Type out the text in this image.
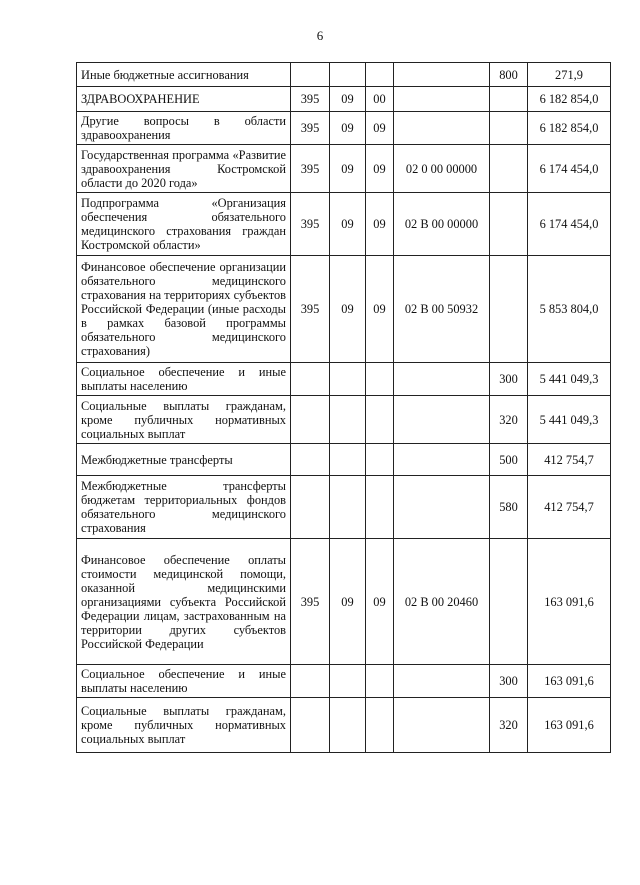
6
Иные бюджетные ассигнования					800	271,9
ЗДРАВООХРАНЕНИЕ	395	09	00			6 182 854,0
Другие вопросы в области здравоохранения	395	09	09			6 182 854,0
Государственная программа «Развитие здравоохранения Костромской области до 2020 года»	395	09	09	02 0 00 00000		6 174 454,0
Подпрограмма «Организация обеспечения обязательного медицинского страхования граждан Костромской области»	395	09	09	02 В 00 00000		6 174 454,0
Финансовое обеспечение организации обязательного медицинского страхования на территориях субъектов Российской Федерации (иные расходы в рамках базовой программы обязательного медицинского страхования)	395	09	09	02 В 00 50932		5 853 804,0
Социальное обеспечение и иные выплаты населению					300	5 441 049,3
Социальные выплаты гражданам, кроме публичных нормативных социальных выплат					320	5 441 049,3
Межбюджетные трансферты					500	412 754,7
Межбюджетные трансферты бюджетам территориальных фондов обязательного медицинского страхования					580	412 754,7
Финансовое обеспечение оплаты стоимости медицинской помощи, оказанной медицинскими организациями субъекта Российской Федерации лицам, застрахованным на территории других субъектов Российской Федерации	395	09	09	02 В 00 20460		163 091,6
Социальное обеспечение и иные выплаты населению					300	163 091,6
Социальные выплаты гражданам, кроме публичных нормативных социальных выплат					320	163 091,6
